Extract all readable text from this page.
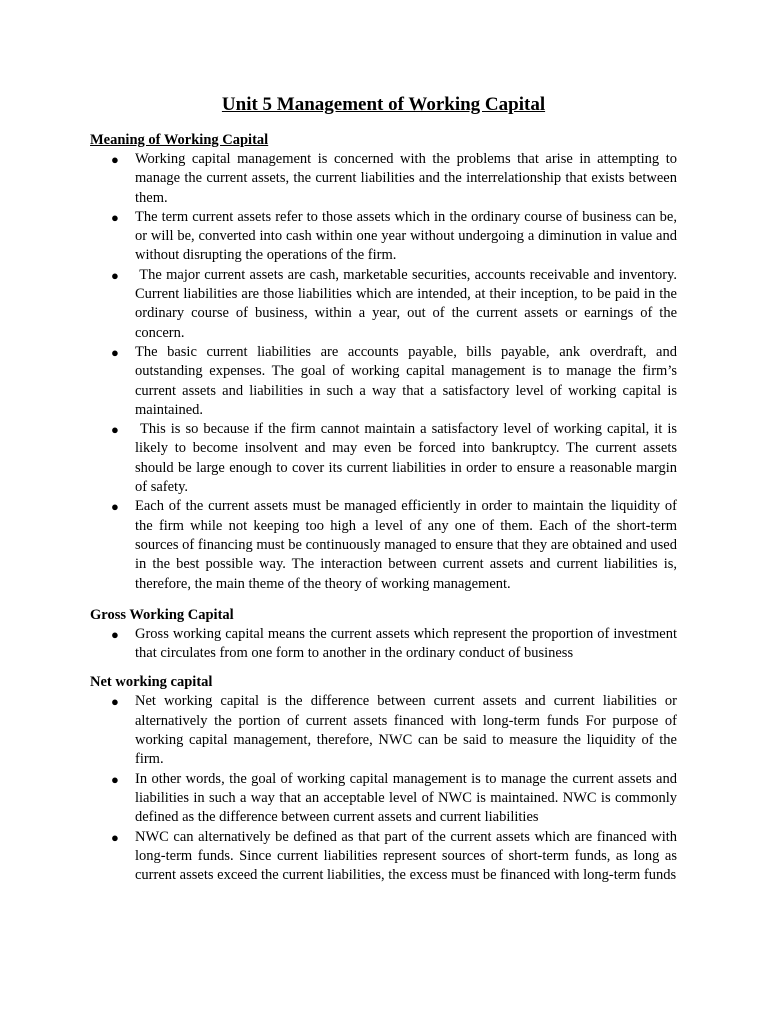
Unit 5 Management of Working Capital
Meaning of Working Capital
● Working capital management is concerned with the problems that arise in attempting to manage the current assets, the current liabilities and the interrelationship that exists between them.
● The term current assets refer to those assets which in the ordinary course of business can be, or will be, converted into cash within one year without undergoing a diminution in value and without disrupting the operations of the firm.
● The major current assets are cash, marketable securities, accounts receivable and inventory. Current liabilities are those liabilities which are intended, at their inception, to be paid in the ordinary course of business, within a year, out of the current assets or earnings of the concern.
● The basic current liabilities are accounts payable, bills payable, ank overdraft, and outstanding expenses. The goal of working capital management is to manage the firm’s current assets and liabilities in such a way that a satisfactory level of working capital is maintained.
● This is so because if the firm cannot maintain a satisfactory level of working capital, it is likely to become insolvent and may even be forced into bankruptcy. The current assets should be large enough to cover its current liabilities in order to ensure a reasonable margin of safety.
● Each of the current assets must be managed efficiently in order to maintain the liquidity of the firm while not keeping too high a level of any one of them. Each of the short-term sources of financing must be continuously managed to ensure that they are obtained and used in the best possible way. The interaction between current assets and current liabilities is, therefore, the main theme of the theory of working management.
Gross Working Capital
● Gross working capital means the current assets which represent the proportion of investment that circulates from one form to another in the ordinary conduct of business
Net working capital
● Net working capital is the difference between current assets and current liabilities or alternatively the portion of current assets financed with long-term funds For purpose of working capital management, therefore, NWC can be said to measure the liquidity of the firm.
● In other words, the goal of working capital management is to manage the current assets and liabilities in such a way that an acceptable level of NWC is maintained. NWC is commonly defined as the difference between current assets and current liabilities
● NWC can alternatively be defined as that part of the current assets which are financed with long-term funds. Since current liabilities represent sources of short-term funds, as long as current assets exceed the current liabilities, the excess must be financed with long-term funds
